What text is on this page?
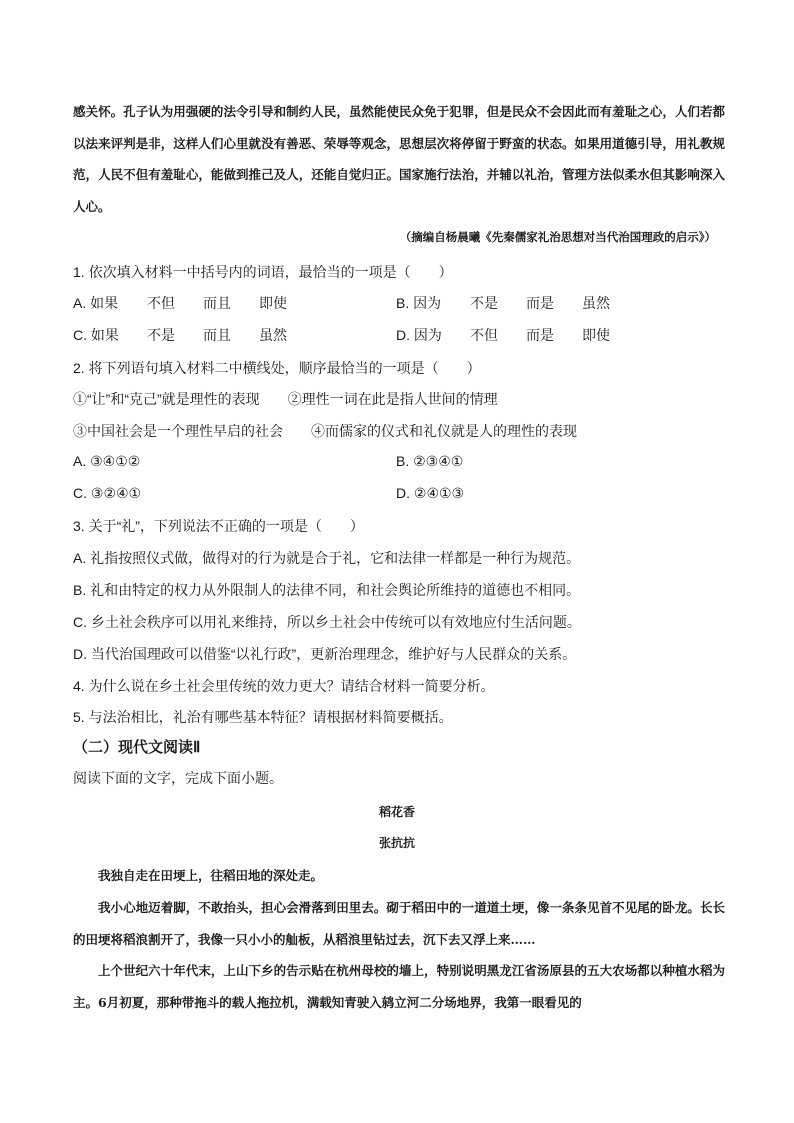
感关怀。孔子认为用强硬的法令引导和制约人民，虽然能使民众免于犯罪，但是民众不会因此而有羞耻之心，人们若都以法来评判是非，这样人们心里就没有善恶、荣辱等观念，思想层次将停留于野蛮的状态。如果用道德引导，用礼教规范，人民不但有羞耻心，能做到推己及人，还能自觉归正。国家施行法治，并辅以礼治，管理方法似柔水但其影响深入人心。

（摘编自杨晨曦《先秦儒家礼治思想对当代治国理政的启示》）
1. 依次填入材料一中括号内的词语，最恰当的一项是（　　）
A. 如果 不但 而且 即使	B. 因为 不是 而是 虽然
C. 如果 不是 而且 虽然	D. 因为 不但 而是 即使
2. 将下列语句填入材料二中横线处，顺序最恰当的一项是（　　）
①“让”和“克己”就是理性的表现　　②理性一词在此是指人世间的情理
③中国社会是一个理性早启的社会　　④而儒家的仪式和礼仪就是人的理性的表现
A. ③④①②	B. ②③④①
C. ③②④①	D. ②④①③
3. 关于“礼”，下列说法不正确的一项是（　　）
A. 礼指按照仪式做，做得对的行为就是合于礼，它和法律一样都是一种行为规范。
B. 礼和由特定的权力从外限制人的法律不同，和社会舆论所维持的道德也不相同。
C. 乡土社会秩序可以用礼来维持，所以乡土社会中传统可以有效地应付生活问题。
D. 当代治国理政可以借鉴“以礼行政”，更新治理理念，维护好与人民群众的关系。
4. 为什么说在乡土社会里传统的效力更大？请结合材料一简要分析。
5. 与法治相比，礼治有哪些基本特征？请根据材料简要概括。
（二）现代文阅读Ⅱ
阅读下面的文字，完成下面小题。
稻花香
张抗抗

我独自走在田埂上，往稻田地的深处走。

我小心地迈着脚，不敢抬头，担心会滑落到田里去。砌于稻田中的一道道土埂，像一条条见首不见尾的卧龙。长长的田埂将稻浪割开了，我像一只小小的舢板，从稻浪里钻过去，沉下去又浮上来……

上个世纪六十年代末，上山下乡的告示贴在杭州母校的墙上，特别说明黑龙江省汤原县的五大农场都以种植水稻为主。6月初夏，那种带拖斗的载人拖拉机，满载知青驶入鸫立河二分场地界，我第一眼看见的
